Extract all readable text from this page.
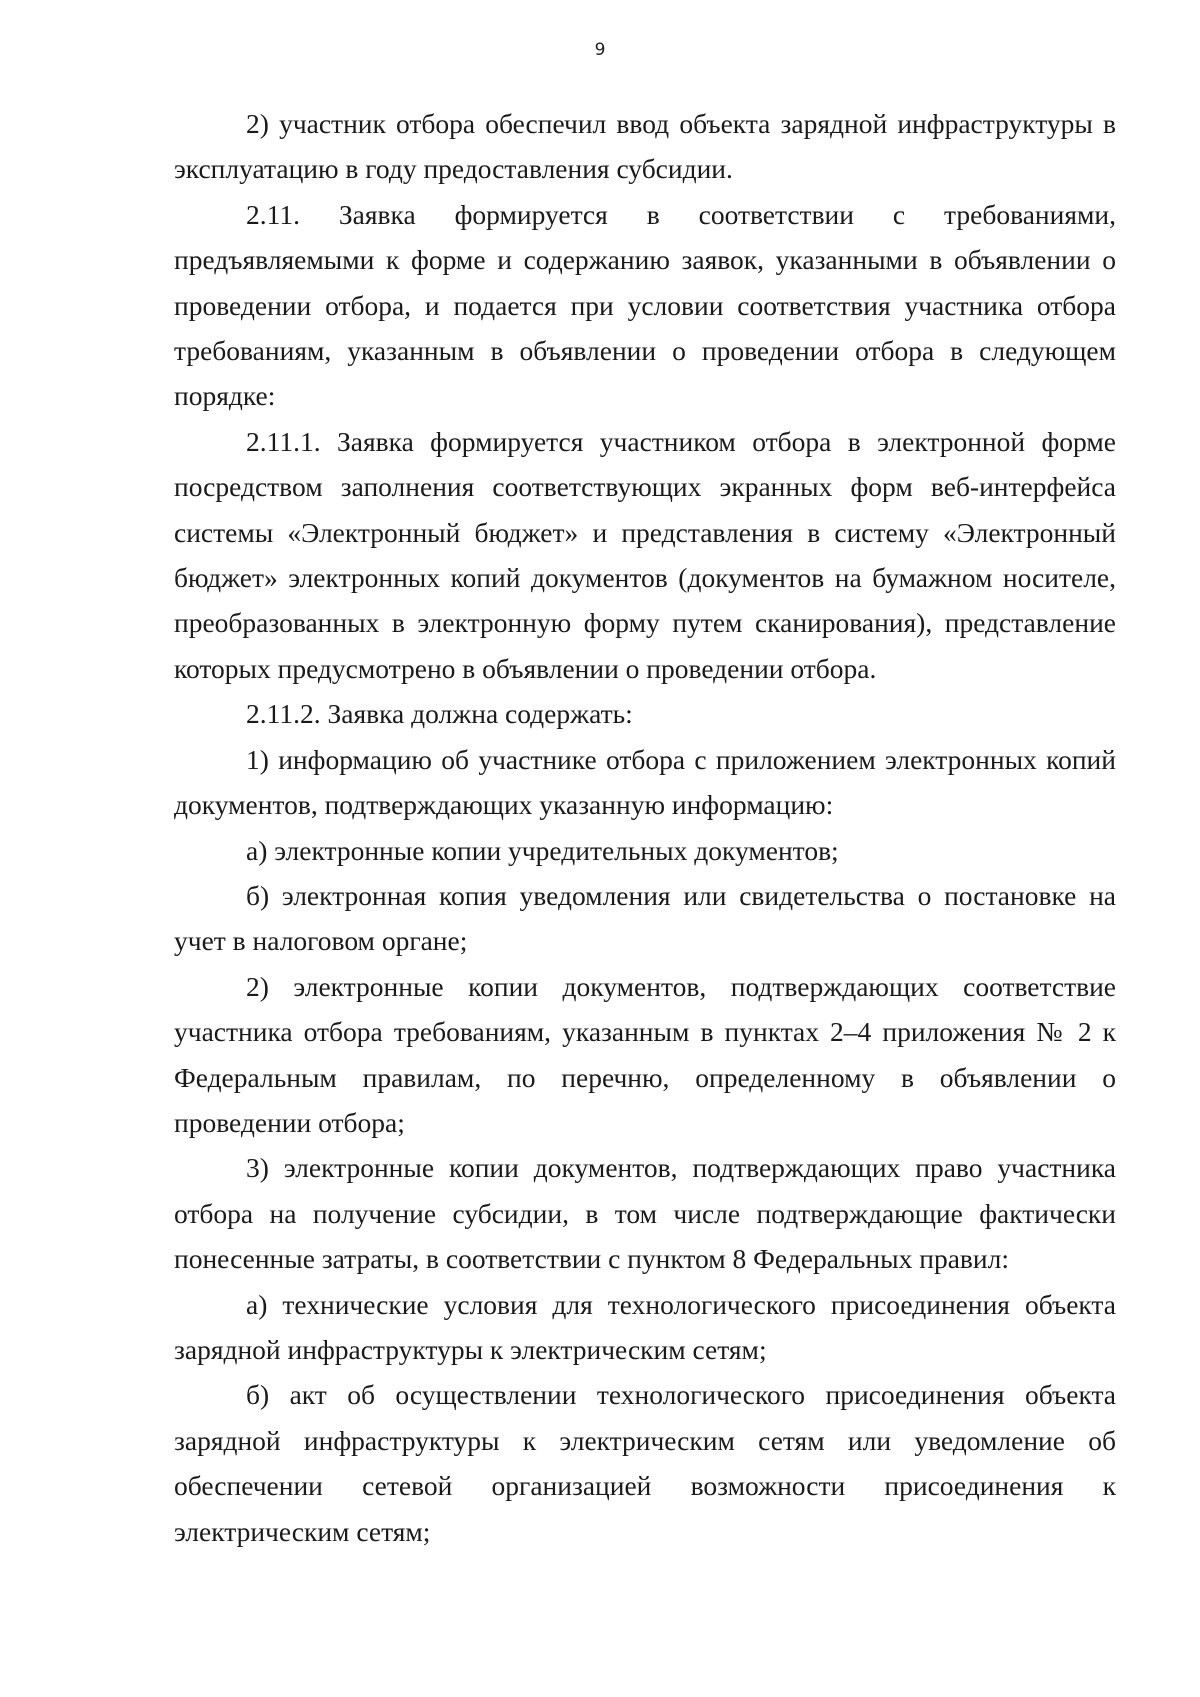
9

2) участник отбора обеспечил ввод объекта зарядной инфраструктуры в эксплуатацию в году предоставления субсидии.

2.11. Заявка формируется в соответствии с требованиями, предъявляемыми к форме и содержанию заявок, указанными в объявлении о проведении отбора, и подается при условии соответствия участника отбора требованиям, указанным в объявлении о проведении отбора в следующем порядке:

2.11.1. Заявка формируется участником отбора в электронной форме посредством заполнения соответствующих экранных форм веб-интерфейса системы «Электронный бюджет» и представления в систему «Электронный бюджет» электронных копий документов (документов на бумажном носителе, преобразованных в электронную форму путем сканирования), представление которых предусмотрено в объявлении о проведении отбора.

2.11.2. Заявка должна содержать:

1) информацию об участнике отбора с приложением электронных копий документов, подтверждающих указанную информацию:

а) электронные копии учредительных документов;

б) электронная копия уведомления или свидетельства о постановке на учет в налоговом органе;

2) электронные копии документов, подтверждающих соответствие участника отбора требованиям, указанным в пунктах 2–4 приложения № 2 к Федеральным правилам, по перечню, определенному в объявлении о проведении отбора;

3) электронные копии документов, подтверждающих право участника отбора на получение субсидии, в том числе подтверждающие фактически понесенные затраты, в соответствии с пунктом 8 Федеральных правил:

а) технические условия для технологического присоединения объекта зарядной инфраструктуры к электрическим сетям;

б) акт об осуществлении технологического присоединения объекта зарядной инфраструктуры к электрическим сетям или уведомление об обеспечении сетевой организацией возможности присоединения к электрическим сетям;
